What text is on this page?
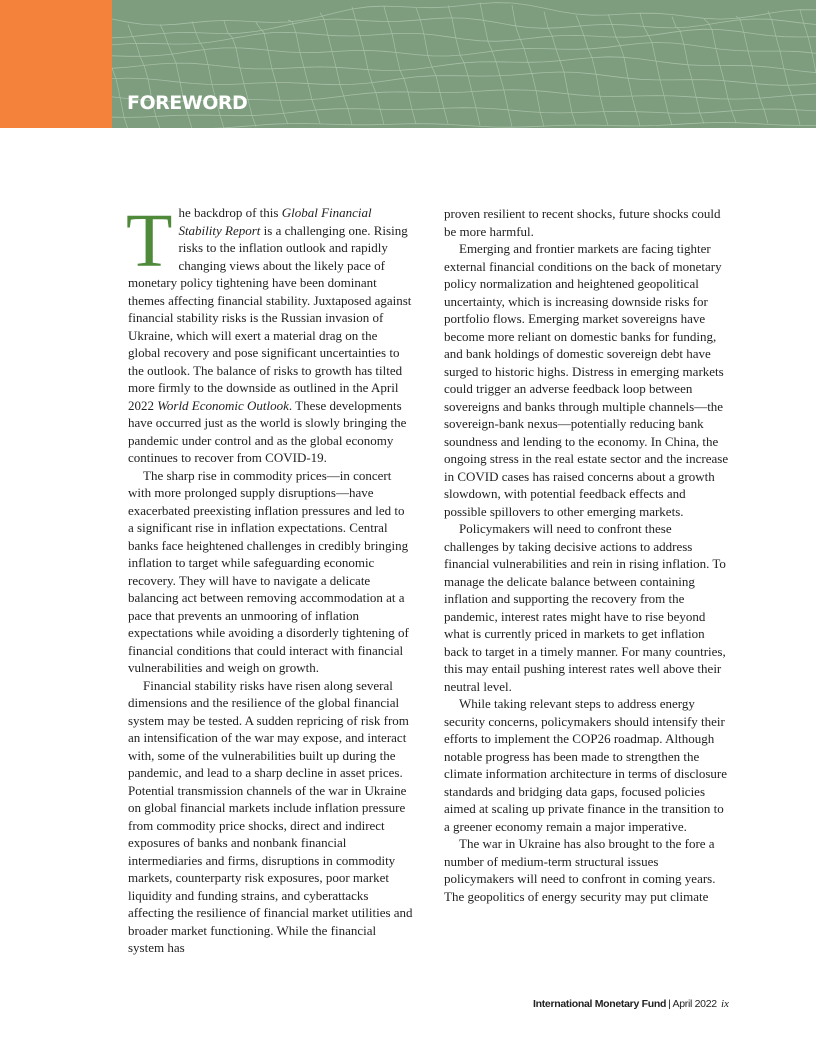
FOREWORD
T he backdrop of this Global Financial Stability Report is a challenging one. Rising risks to the inflation outlook and rapidly changing views about the likely pace of monetary policy tightening have been dominant themes affecting financial stability. Juxtaposed against financial stability risks is the Russian invasion of Ukraine, which will exert a material drag on the global recovery and pose significant uncertainties to the outlook. The balance of risks to growth has tilted more firmly to the downside as outlined in the April 2022 World Economic Outlook. These developments have occurred just as the world is slowly bringing the pandemic under control and as the global economy continues to recover from COVID-19.

The sharp rise in commodity prices—in concert with more prolonged supply disruptions—have exacerbated preexisting inflation pressures and led to a significant rise in inflation expectations. Central banks face heightened challenges in credibly bringing inflation to target while safeguarding economic recovery. They will have to navigate a delicate balancing act between removing accommodation at a pace that prevents an unmooring of inflation expectations while avoiding a disorderly tightening of financial conditions that could interact with financial vulnerabilities and weigh on growth.

Financial stability risks have risen along several dimensions and the resilience of the global financial system may be tested. A sudden repricing of risk from an intensification of the war may expose, and interact with, some of the vulnerabilities built up during the pandemic, and lead to a sharp decline in asset prices. Potential transmission channels of the war in Ukraine on global financial markets include inflation pressure from commodity price shocks, direct and indirect exposures of banks and nonbank financial intermediaries and firms, disruptions in commodity markets, counterparty risk exposures, poor market liquidity and funding strains, and cyberattacks affecting the resilience of financial market utilities and broader market functioning. While the financial system has

proven resilient to recent shocks, future shocks could be more harmful.

Emerging and frontier markets are facing tighter external financial conditions on the back of monetary policy normalization and heightened geopolitical uncertainty, which is increasing downside risks for portfolio flows. Emerging market sovereigns have become more reliant on domestic banks for funding, and bank holdings of domestic sovereign debt have surged to historic highs. Distress in emerging markets could trigger an adverse feedback loop between sovereigns and banks through multiple channels—the sovereign-bank nexus—potentially reducing bank soundness and lending to the economy. In China, the ongoing stress in the real estate sector and the increase in COVID cases has raised concerns about a growth slowdown, with potential feedback effects and possible spillovers to other emerging markets.

Policymakers will need to confront these challenges by taking decisive actions to address financial vulnerabilities and rein in rising inflation. To manage the delicate balance between containing inflation and supporting the recovery from the pandemic, interest rates might have to rise beyond what is currently priced in markets to get inflation back to target in a timely manner. For many countries, this may entail pushing interest rates well above their neutral level.

While taking relevant steps to address energy security concerns, policymakers should intensify their efforts to implement the COP26 roadmap. Although notable progress has been made to strengthen the climate information architecture in terms of disclosure standards and bridging data gaps, focused policies aimed at scaling up private finance in the transition to a greener economy remain a major imperative.

The war in Ukraine has also brought to the fore a number of medium-term structural issues policymakers will need to confront in coming years. The geopolitics of energy security may put climate

International Monetary Fund | April 2022 ix
